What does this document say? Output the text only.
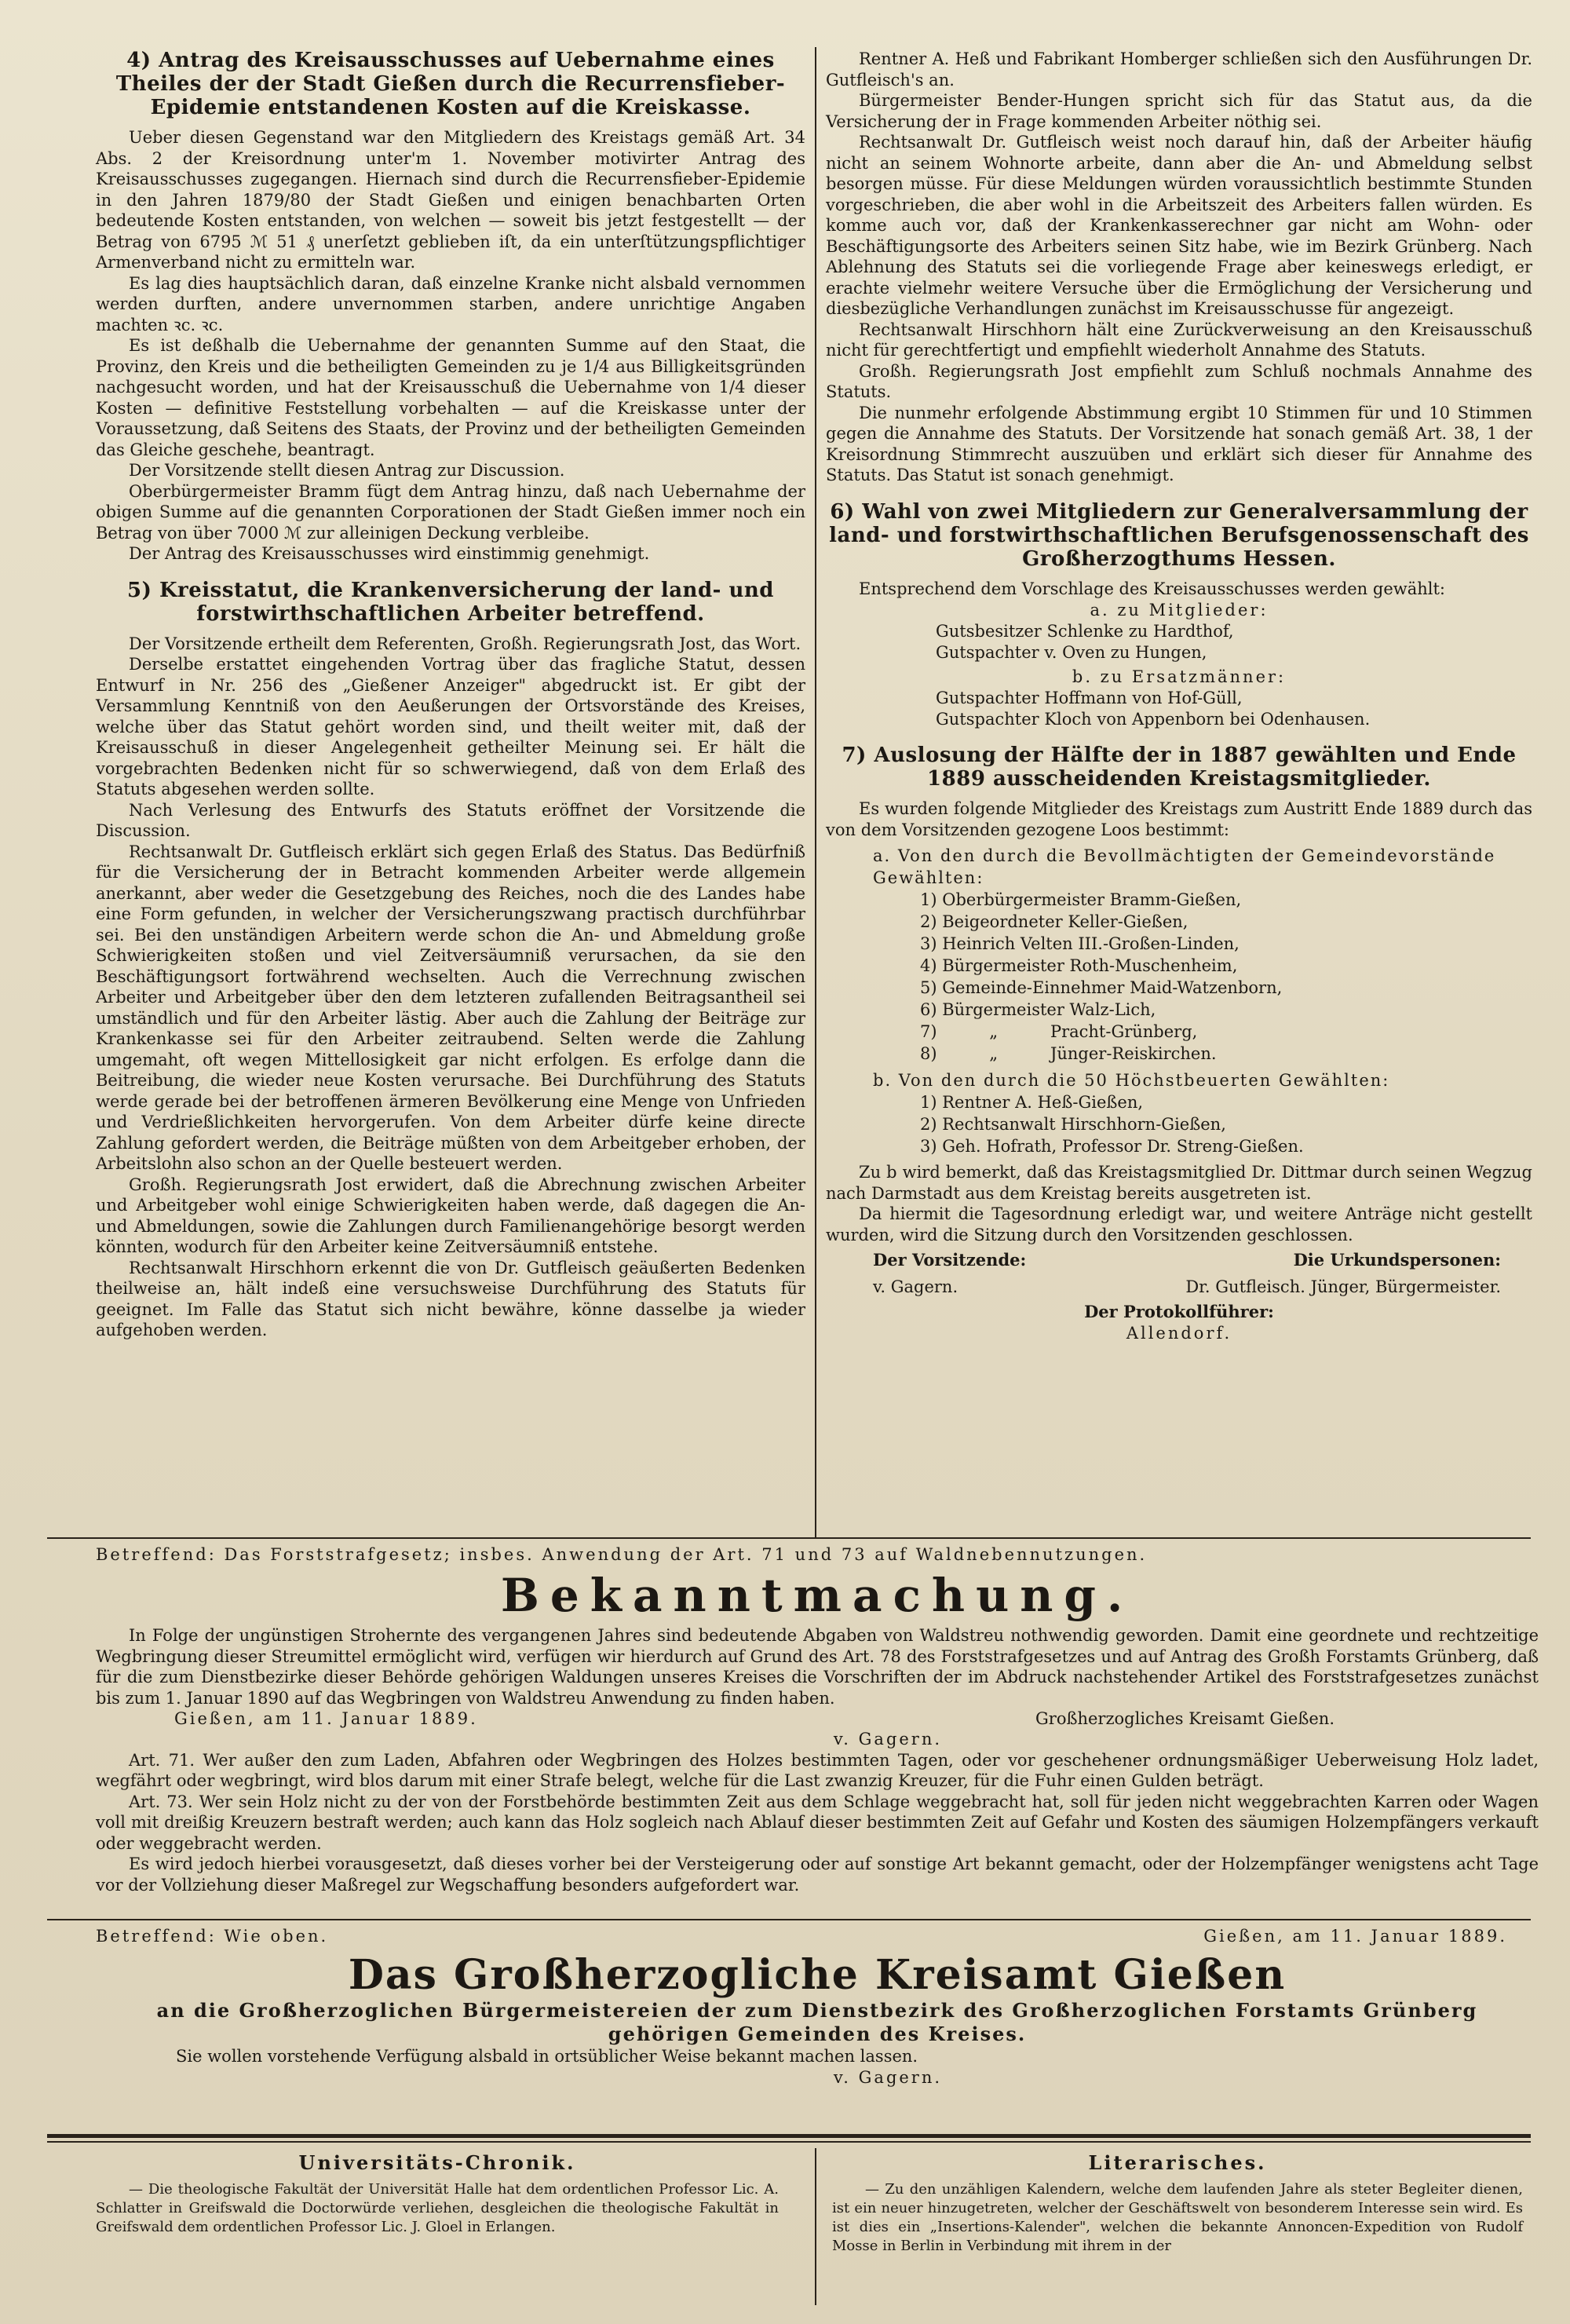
4) Antrag des Kreisausschusses auf Uebernahme eines Theiles der der Stadt Gießen durch die Recurrensfieber-Epidemie entstandenen Kosten auf die Kreiskasse.

Ueber diesen Gegenstand war den Mitgliedern des Kreistags gemäß Art. 34 Abs. 2 der Kreisordnung unter'm 1. November motivirter Antrag des Kreisausschusses zugegangen. Hiernach sind durch die Recurrensfieber-Epidemie in den Jahren 1879/80 der Stadt Gießen und einigen benachbarten Orten bedeutende Kosten entstanden, von welchen — soweit bis jetzt festgestellt — der Betrag von 6795 ℳ 51 ₰ unerſetzt geblieben iſt, da ein unterſtützungspflichtiger Armenverband nicht zu ermitteln war.

Es lag dies hauptsächlich daran, daß einzelne Kranke nicht alsbald vernommen werden durften, andere unvernommen starben, andere unrichtige Angaben machten ꝛc. ꝛc.

Es ist deßhalb die Uebernahme der genannten Summe auf den Staat, die Provinz, den Kreis und die betheiligten Gemeinden zu je 1/4 aus Billigkeitsgründen nachgesucht worden, und hat der Kreisausschuß die Uebernahme von 1/4 dieser Kosten — definitive Feststellung vorbehalten — auf die Kreiskasse unter der Voraussetzung, daß Seitens des Staats, der Provinz und der betheiligten Gemeinden das Gleiche geschehe, beantragt.

Der Vorsitzende stellt diesen Antrag zur Discussion.

Oberbürgermeister Bramm fügt dem Antrag hinzu, daß nach Uebernahme der obigen Summe auf die genannten Corporationen der Stadt Gießen immer noch ein Betrag von über 7000 ℳ zur alleinigen Deckung verbleibe.

Der Antrag des Kreisausschusses wird einstimmig genehmigt.

5) Kreisstatut, die Krankenversicherung der land- und forstwirthschaftlichen Arbeiter betreffend.

Der Vorsitzende ertheilt dem Referenten, Großh. Regierungsrath Jost, das Wort.

Derselbe erstattet eingehenden Vortrag über das fragliche Statut, dessen Entwurf in Nr. 256 des „Gießener Anzeiger" abgedruckt ist. Er gibt der Versammlung Kenntniß von den Aeußerungen der Ortsvorstände des Kreises, welche über das Statut gehört worden sind, und theilt weiter mit, daß der Kreisausschuß in dieser Angelegenheit getheilter Meinung sei. Er hält die vorgebrachten Bedenken nicht für so schwerwiegend, daß von dem Erlaß des Statuts abgesehen werden sollte.

Nach Verlesung des Entwurfs des Statuts eröffnet der Vorsitzende die Discussion.

Rechtsanwalt Dr. Gutfleisch erklärt sich gegen Erlaß des Status. Das Bedürfniß für die Versicherung der in Betracht kommenden Arbeiter werde allgemein anerkannt, aber weder die Gesetzgebung des Reiches, noch die des Landes habe eine Form gefunden, in welcher der Versicherungszwang practisch durchführbar sei. Bei den unständigen Arbeitern werde schon die An- und Abmeldung große Schwierigkeiten stoßen und viel Zeitversäumniß verursachen, da sie den Beschäftigungsort fortwährend wechselten. Auch die Verrechnung zwischen Arbeiter und Arbeitgeber über den dem letzteren zufallenden Beitragsantheil sei umständlich und für den Arbeiter lästig. Aber auch die Zahlung der Beiträge zur Krankenkasse sei für den Arbeiter zeitraubend. Selten werde die Zahlung umgemaht, oft wegen Mittellosigkeit gar nicht erfolgen. Es erfolge dann die Beitreibung, die wieder neue Kosten verursache. Bei Durchführung des Statuts werde gerade bei der betroffenen ärmeren Bevölkerung eine Menge von Unfrieden und Verdrießlichkeiten hervorgerufen. Von dem Arbeiter dürfe keine directe Zahlung gefordert werden, die Beiträge müßten von dem Arbeitgeber erhoben, der Arbeitslohn also schon an der Quelle besteuert werden.

Großh. Regierungsrath Jost erwidert, daß die Abrechnung zwischen Arbeiter und Arbeitgeber wohl einige Schwierigkeiten haben werde, daß dagegen die An- und Abmeldungen, sowie die Zahlungen durch Familienangehörige besorgt werden könnten, wodurch für den Arbeiter keine Zeitversäumniß entstehe.

Rechtsanwalt Hirschhorn erkennt die von Dr. Gutfleisch geäußerten Bedenken theilweise an, hält indeß eine versuchsweise Durchführung des Statuts für geeignet. Im Falle das Statut sich nicht bewähre, könne dasselbe ja wieder aufgehoben werden.

Rentner A. Heß und Fabrikant Homberger schließen sich den Ausführungen Dr. Gutfleisch's an.

Bürgermeister Bender-Hungen spricht sich für das Statut aus, da die Versicherung der in Frage kommenden Arbeiter nöthig sei.

Rechtsanwalt Dr. Gutfleisch weist noch darauf hin, daß der Arbeiter häufig nicht an seinem Wohnorte arbeite, dann aber die An- und Abmeldung selbst besorgen müsse. Für diese Meldungen würden voraussichtlich bestimmte Stunden vorgeschrieben, die aber wohl in die Arbeitszeit des Arbeiters fallen würden. Es komme auch vor, daß der Krankenkasserechner gar nicht am Wohn- oder Beschäftigungsorte des Arbeiters seinen Sitz habe, wie im Bezirk Grünberg. Nach Ablehnung des Statuts sei die vorliegende Frage aber keineswegs erledigt, er erachte vielmehr weitere Versuche über die Ermöglichung der Versicherung und diesbezügliche Verhandlungen zunächst im Kreisausschusse für angezeigt.

Rechtsanwalt Hirschhorn hält eine Zurückverweisung an den Kreisausschuß nicht für gerechtfertigt und empfiehlt wiederholt Annahme des Statuts.

Großh. Regierungsrath Jost empfiehlt zum Schluß nochmals Annahme des Statuts.

Die nunmehr erfolgende Abstimmung ergibt 10 Stimmen für und 10 Stimmen gegen die Annahme des Statuts. Der Vorsitzende hat sonach gemäß Art. 38, 1 der Kreisordnung Stimmrecht auszuüben und erklärt sich dieser für Annahme des Statuts. Das Statut ist sonach genehmigt.

6) Wahl von zwei Mitgliedern zur Generalversammlung der land- und forstwirthschaftlichen Berufsgenossenschaft des Großherzogthums Hessen.

Entsprechend dem Vorschlage des Kreisausschusses werden gewählt:

a. zu Mitglieder:

Gutsbesitzer Schlenke zu Hardthof,

Gutspachter v. Oven zu Hungen,

b. zu Ersatzmänner:

Gutspachter Hoffmann von Hof-Güll,

Gutspachter Kloch von Appenborn bei Odenhausen.

7) Auslosung der Hälfte der in 1887 gewählten und Ende 1889 ausscheidenden Kreistagsmitglieder.

Es wurden folgende Mitglieder des Kreistags zum Austritt Ende 1889 durch das von dem Vorsitzenden gezogene Loos bestimmt:

a. Von den durch die Bevollmächtigten der Gemeindevorstände Gewählten:
1) Oberbürgermeister Bramm-Gießen,
2) Beigeordneter Keller-Gießen,
3) Heinrich Velten III.-Großen-Linden,
4) Bürgermeister Roth-Muschenheim,
5) Gemeinde-Einnehmer Maid-Watzenborn,
6) Bürgermeister Walz-Lich,
7)          „          Pracht-Grünberg,
8)          „          Jünger-Reiskirchen.
b. Von den durch die 50 Höchstbeuerten Gewählten:
1) Rentner A. Heß-Gießen,
2) Rechtsanwalt Hirschhorn-Gießen,
3) Geh. Hofrath, Professor Dr. Streng-Gießen.

Zu b wird bemerkt, daß das Kreistagsmitglied Dr. Dittmar durch seinen Wegzug nach Darmstadt aus dem Kreistag bereits ausgetreten ist.

Da hiermit die Tagesordnung erledigt war, und weitere Anträge nicht gestellt wurden, wird die Sitzung durch den Vorsitzenden geschlossen.

Der Vorsitzende:	Die Urkundspersonen:
v. Gagern.	Dr. Gutfleisch. Jünger, Bürgermeister.

Der Protokollführer:

Allendorf.

Betreffend: Das Forststrafgesetz; insbes. Anwendung der Art. 71 und 73 auf Waldnebennutzungen.

Bekanntmachung.

In Folge der ungünstigen Strohernte des vergangenen Jahres sind bedeutende Abgaben von Waldstreu nothwendig geworden. Damit eine geordnete und rechtzeitige Wegbringung dieser Streumittel ermöglicht wird, verfügen wir hierdurch auf Grund des Art. 78 des Forststrafgesetzes und auf Antrag des Großh Forstamts Grünberg, daß für die zum Dienstbezirke dieser Behörde gehörigen Waldungen unseres Kreises die Vorschriften der im Abdruck nachstehender Artikel des Forststrafgesetzes zunächst bis zum 1. Januar 1890 auf das Wegbringen von Waldstreu Anwendung zu finden haben.

Gießen, am 11. Januar 1889.	Großherzogliches Kreisamt Gießen.

v. Gagern.

Art. 71. Wer außer den zum Laden, Abfahren oder Wegbringen des Holzes bestimmten Tagen, oder vor geschehener ordnungsmäßiger Ueberweisung Holz ladet, wegfährt oder wegbringt, wird blos darum mit einer Strafe belegt, welche für die Last zwanzig Kreuzer, für die Fuhr einen Gulden beträgt.

Art. 73. Wer sein Holz nicht zu der von der Forstbehörde bestimmten Zeit aus dem Schlage weggebracht hat, soll für jeden nicht weggebrachten Karren oder Wagen voll mit dreißig Kreuzern bestraft werden; auch kann das Holz sogleich nach Ablauf dieser bestimmten Zeit auf Gefahr und Kosten des säumigen Holzempfängers verkauft oder weggebracht werden.

Es wird jedoch hierbei vorausgesetzt, daß dieses vorher bei der Versteigerung oder auf sonstige Art bekannt gemacht, oder der Holzempfänger wenigstens acht Tage vor der Vollziehung dieser Maßregel zur Wegschaffung besonders aufgefordert war.

Betreffend: Wie oben.	Gießen, am 11. Januar 1889.
Das Großherzogliche Kreisamt Gießen
an die Großherzoglichen Bürgermeistereien der zum Dienstbezirk des Großherzoglichen Forstamts Grünberg gehörigen Gemeinden des Kreises.

Sie wollen vorstehende Verfügung alsbald in ortsüblicher Weise bekannt machen lassen.

v. Gagern.

Universitäts-Chronik.

— Die theologische Fakultät der Universität Halle hat dem ordentlichen Professor Lic. A. Schlatter in Greifswald die Doctorwürde verliehen, desgleichen die theologische Fakultät in Greifswald dem ordentlichen Professor Lic. J. Gloel in Erlangen.

Literarisches.

— Zu den unzähligen Kalendern, welche dem laufenden Jahre als steter Begleiter dienen, ist ein neuer hinzugetreten, welcher der Geschäftswelt von besonderem Interesse sein wird. Es ist dies ein „Insertions-Kalender", welchen die bekannte Annoncen-Expedition von Rudolf Mosse in Berlin in Verbindung mit ihrem in der
